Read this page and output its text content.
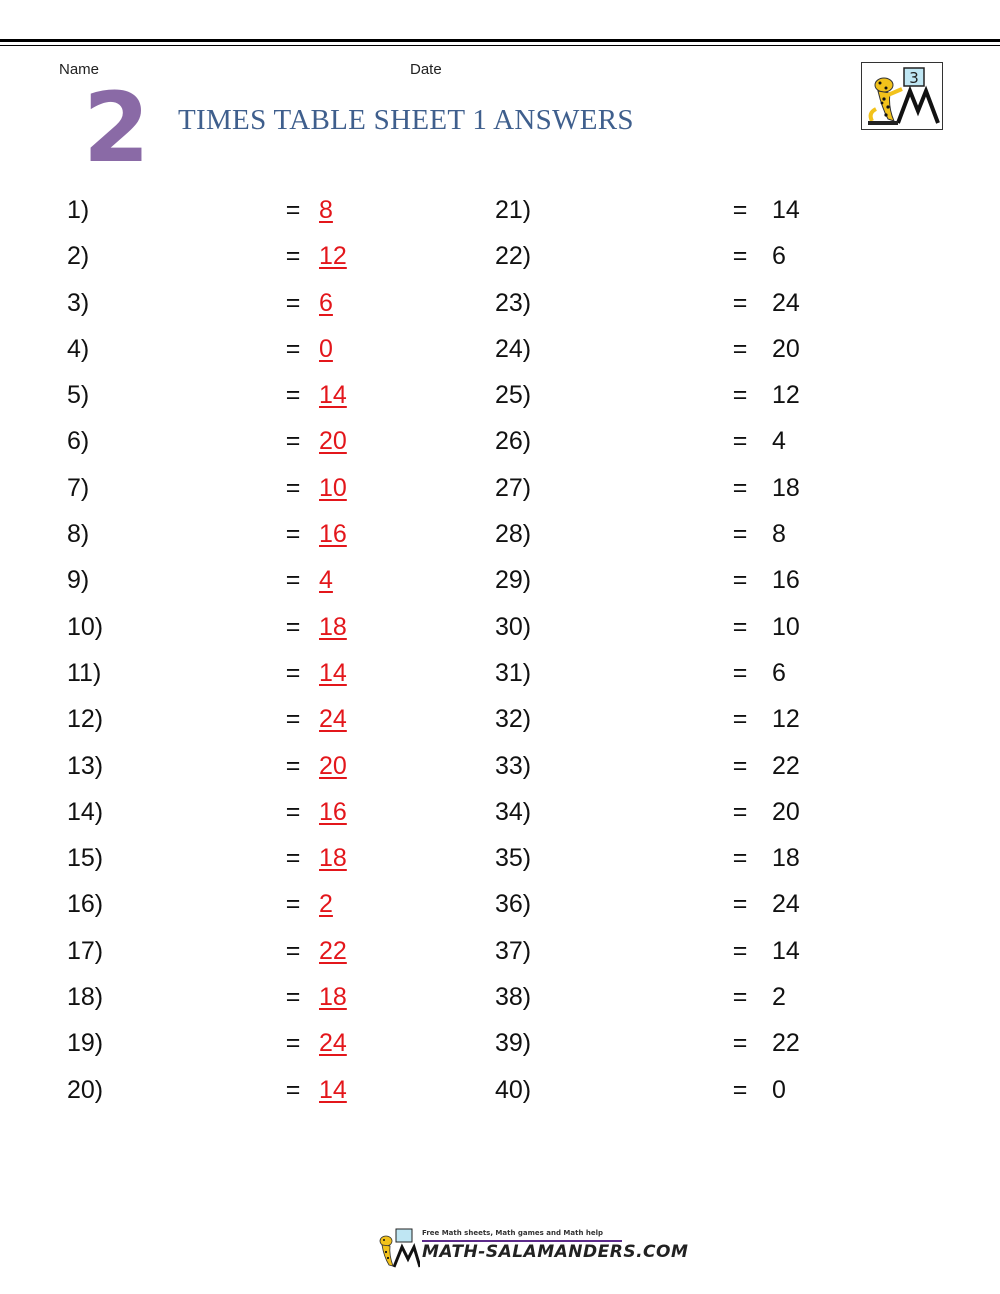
Name	Date
2 TIMES TABLE SHEET 1 ANSWERS
3
1)	= 8
2)	= 12
3)	= 6
4)	= 0
5)	= 14
6)	= 20
7)	= 10
8)	= 16
9)	= 4
10)	= 18
11)	= 14
12)	= 24
13)	= 20
14)	= 16
15)	= 18
16)	= 2
17)	= 22
18)	= 18
19)	= 24
20)	= 14
21)	= 14
22)	= 6
23)	= 24
24)	= 20
25)	= 12
26)	= 4
27)	= 18
28)	= 8
29)	= 16
30)	= 10
31)	= 6
32)	= 12
33)	= 22
34)	= 20
35)	= 18
36)	= 24
37)	= 14
38)	= 2
39)	= 22
40)	= 0
Free Math sheets, Math games and Math help
MATH-SALAMANDERS.COM
